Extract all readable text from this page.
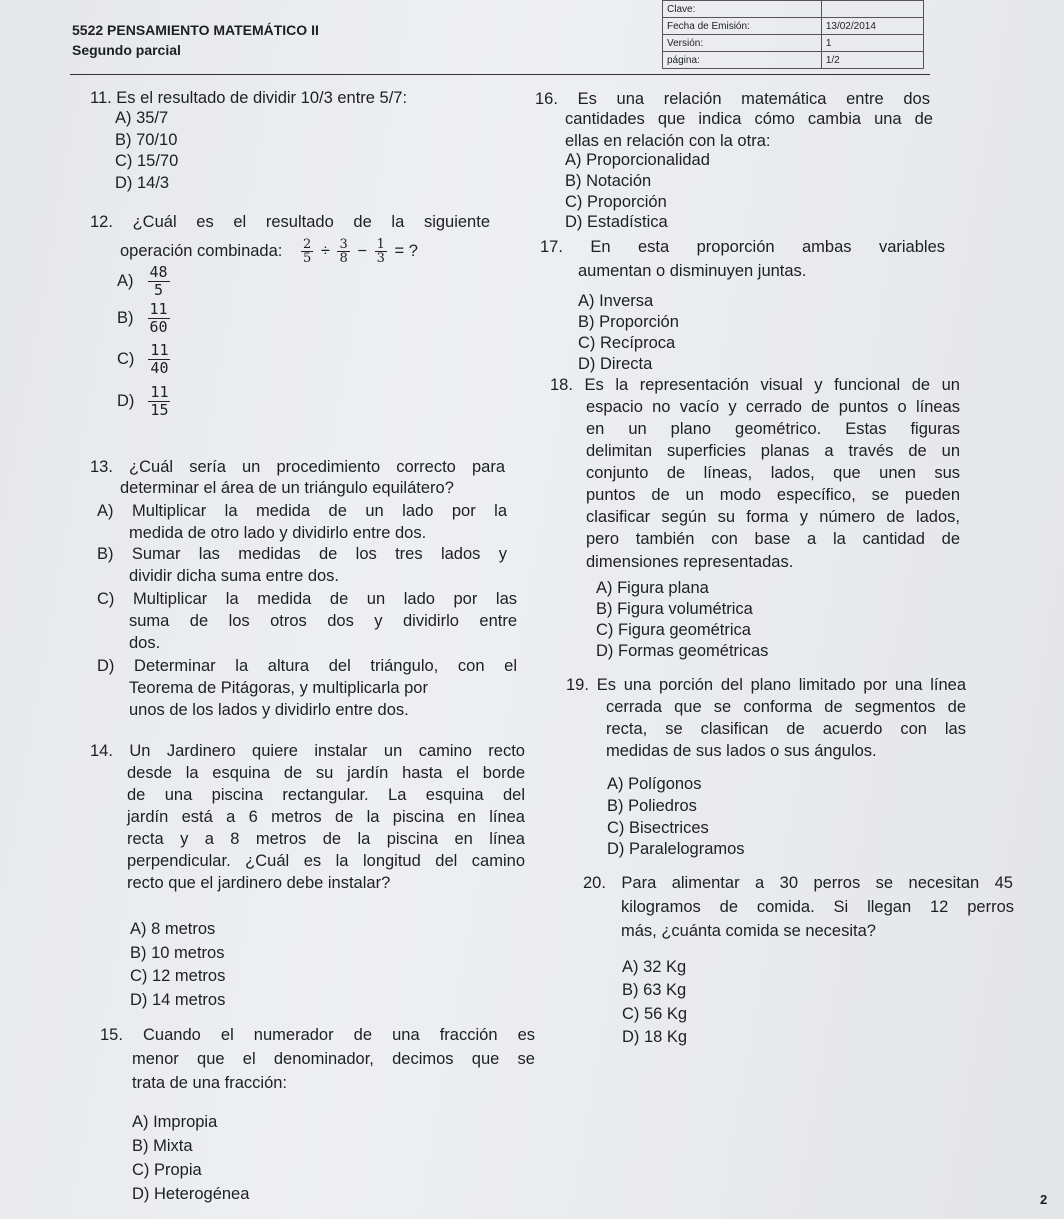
5522 PENSAMIENTO MATEMÁTICO II
Segundo parcial
Clave:	
Fecha de Emisión:	13/02/2014
Versión:	1
página:	1/2
11. Es el resultado de dividir 10/3 entre 5/7:
A) 35/7
B) 70/10
C) 15/70
D) 14/3
12. ¿Cuál es el resultado de la siguiente
operación combinada: $\frac{2}{5} \div \frac{3}{8} - \frac{1}{3}$ = ?
$A) \frac{48}{5}$
$B) \frac{11}{60}$
$C) \frac{11}{40}$
$D) \frac{11}{15}$
13. ¿Cuál sería un procedimiento correcto para
determinar el área de un triángulo equilátero?
A) Multiplicar la medida de un lado por la
medida de otro lado y dividirlo entre dos.
B) Sumar las medidas de los tres lados y
dividir dicha suma entre dos.
C) Multiplicar la medida de un lado por las
suma de los otros dos y dividirlo entre
dos.
D) Determinar la altura del triángulo, con el
Teorema de Pitágoras, y multiplicarla por
unos de los lados y dividirlo entre dos.
14. Un Jardinero quiere instalar un camino recto
desde la esquina de su jardín hasta el borde
de una piscina rectangular. La esquina del
jardín está a 6 metros de la piscina en línea
recta y a 8 metros de la piscina en línea
perpendicular. ¿Cuál es la longitud del camino
recto que el jardinero debe instalar?
A) 8 metros
B) 10 metros
C) 12 metros
D) 14 metros
15. Cuando el numerador de una fracción es
menor que el denominador, decimos que se
trata de una fracción:
A) Impropia
B) Mixta
C) Propia
D) Heterogénea
16. Es una relación matemática entre dos
cantidades que indica cómo cambia una de
ellas en relación con la otra:
A) Proporcionalidad
B) Notación
C) Proporción
D) Estadística
17. En esta proporción ambas variables
aumentan o disminuyen juntas.
A) Inversa
B) Proporción
C) Recíproca
D) Directa
18. Es la representación visual y funcional de un
espacio no vacío y cerrado de puntos o líneas
en un plano geométrico. Estas figuras
delimitan superficies planas a través de un
conjunto de líneas, lados, que unen sus
puntos de un modo específico, se pueden
clasificar según su forma y número de lados,
pero también con base a la cantidad de
dimensiones representadas.
A) Figura plana
B) Figura volumétrica
C) Figura geométrica
D) Formas geométricas
19. Es una porción del plano limitado por una línea
cerrada que se conforma de segmentos de
recta, se clasifican de acuerdo con las
medidas de sus lados o sus ángulos.
A) Polígonos
B) Poliedros
C) Bisectrices
D) Paralelogramos
20. Para alimentar a 30 perros se necesitan 45
kilogramos de comida. Si llegan 12 perros
más, ¿cuánta comida se necesita?
A) 32 Kg
B) 63 Kg
C) 56 Kg
D) 18 Kg
2
